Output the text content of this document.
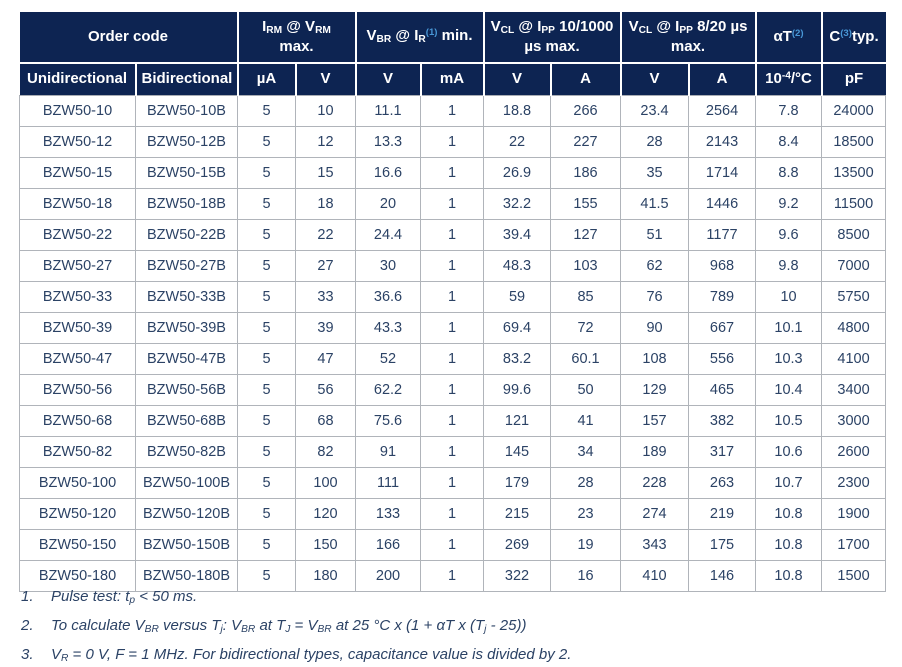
Order code		IRM @ VRM max.		VBR @ IR$^{(1)}$ min.		VCL @ IPP 10/1000 µs max.		VCL @ IPP 8/20 µs max.		αT$^{(2)}$	C$^{(3)}$typ.
Unidirectional	Bidirectional	µA	V	V	mA	V	A	V	A	$10^{-4}/^\circ C$	pF
BZW50-10	BZW50-10B	5	10	11.1	1	18.8	266	23.4	2564	7.8	24000
BZW50-12	BZW50-12B	5	12	13.3	1	22	227	28	2143	8.4	18500
BZW50-15	BZW50-15B	5	15	16.6	1	26.9	186	35	1714	8.8	13500
BZW50-18	BZW50-18B	5	18	20	1	32.2	155	41.5	1446	9.2	11500
BZW50-22	BZW50-22B	5	22	24.4	1	39.4	127	51	1177	9.6	8500
BZW50-27	BZW50-27B	5	27	30	1	48.3	103	62	968	9.8	7000
BZW50-33	BZW50-33B	5	33	36.6	1	59	85	76	789	10	5750
BZW50-39	BZW50-39B	5	39	43.3	1	69.4	72	90	667	10.1	4800
BZW50-47	BZW50-47B	5	47	52	1	83.2	60.1	108	556	10.3	4100
BZW50-56	BZW50-56B	5	56	62.2	1	99.6	50	129	465	10.4	3400
BZW50-68	BZW50-68B	5	68	75.6	1	121	41	157	382	10.5	3000
BZW50-82	BZW50-82B	5	82	91	1	145	34	189	317	10.6	2600
BZW50-100	BZW50-100B	5	100	111	1	179	28	228	263	10.7	2300
BZW50-120	BZW50-120B	5	120	133	1	215	23	274	219	10.8	1900
BZW50-150	BZW50-150B	5	150	166	1	269	19	343	175	10.8	1700
BZW50-180	BZW50-180B	5	180	200	1	322	16	410	146	10.8	1500
1.	Pulse test: tp < 50 ms.
2.	To calculate VBR versus Tj: VBR at TJ = VBR at 25 °C x (1 + αT x (Tj - 25))
3.	VR = 0 V, F = 1 MHz. For bidirectional types, capacitance value is divided by 2.
